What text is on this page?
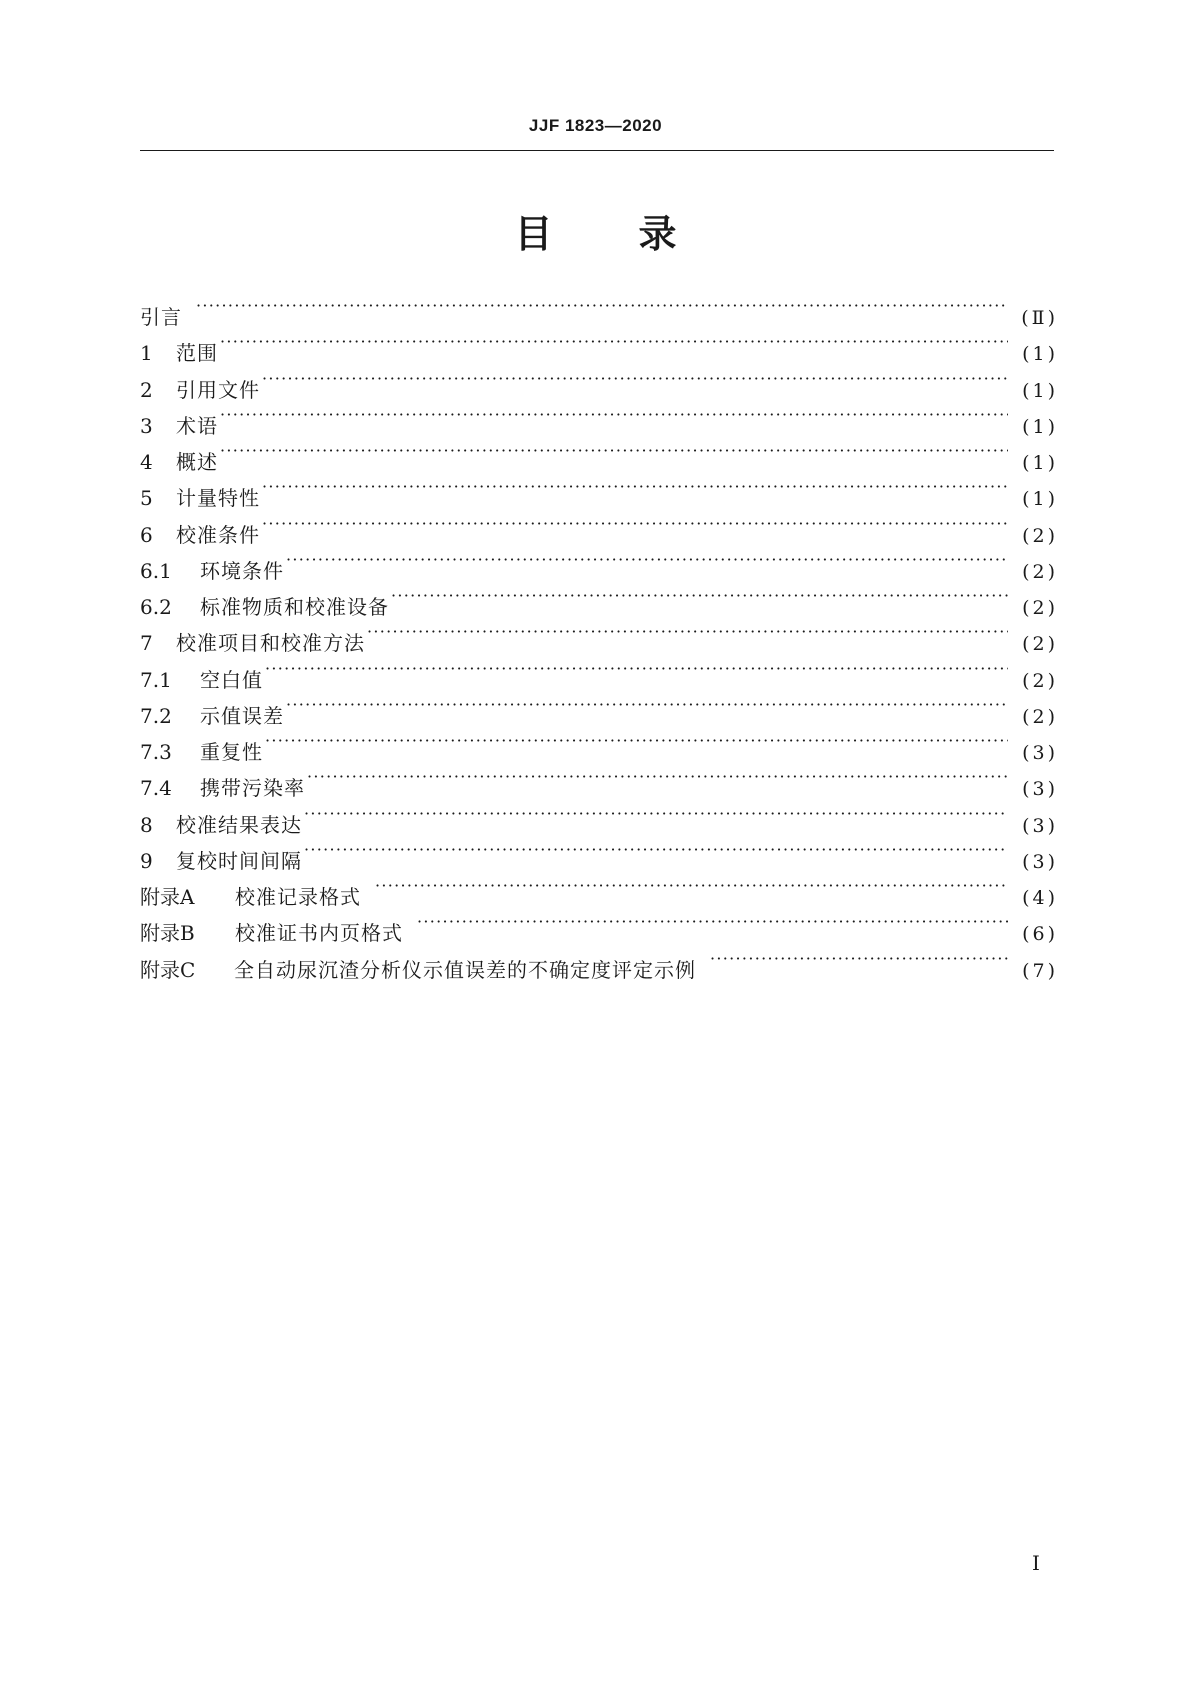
JJF 1823—2020
目 录
引言 ·····	(Ⅱ)
1	范围 ·····	(1)
2	引用文件 ·····	(1)
3	术语 ·····	(1)
4	概述 ·····	(1)
5	计量特性 ·····	(1)
6	校准条件 ·····	(2)
6.1	环境条件 ·····	(2)
6.2	标准物质和校准设备 ·····	(2)
7	校准项目和校准方法 ·····	(2)
7.1	空白值 ·····	(2)
7.2	示值误差 ·····	(2)
7.3	重复性 ·····	(3)
7.4	携带污染率 ·····	(3)
8	校准结果表达 ·····	(3)
9	复校时间间隔 ·····	(3)
附录A	校准记录格式 ·····	(4)
附录B	校准证书内页格式 ·····	(6)
附录C	全自动尿沉渣分析仪示值误差的不确定度评定示例 ·····	(7)
Ⅰ
